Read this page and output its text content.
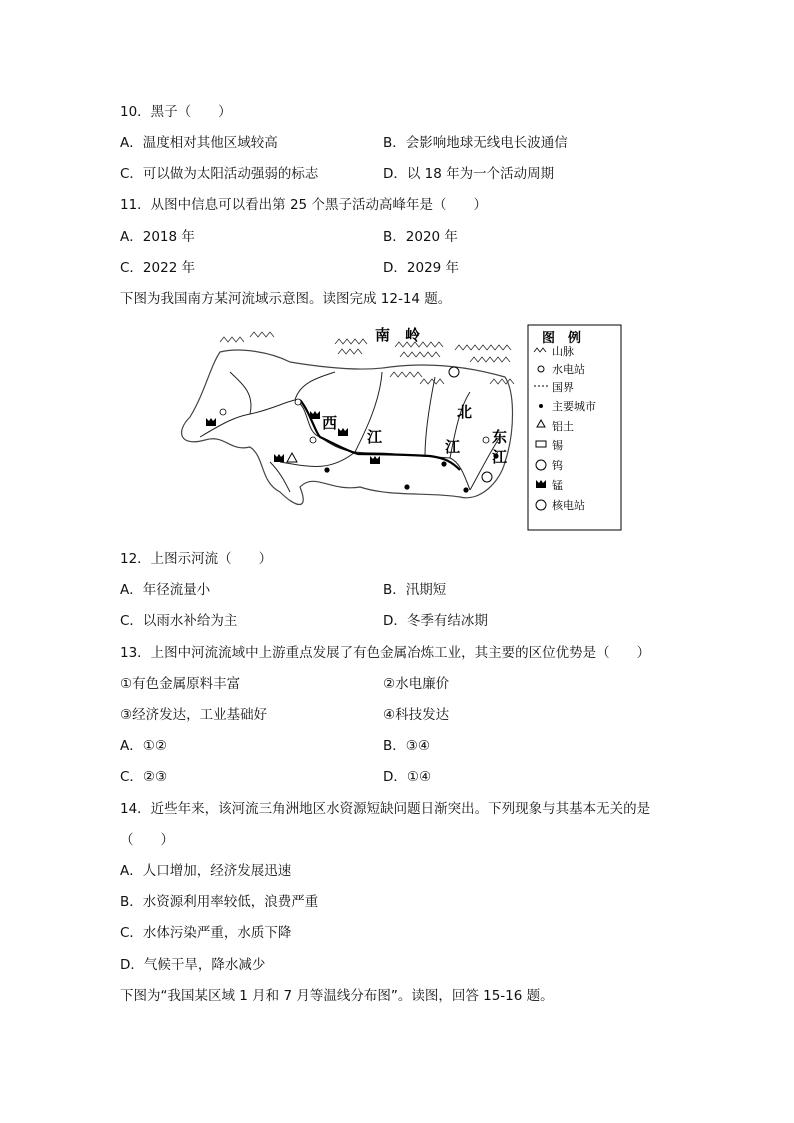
10．黑子（　　）
A．温度相对其他区域较高	B．会影响地球无线电长波通信
C．可以做为太阳活动强弱的标志	D．以 18 年为一个活动周期
11．从图中信息可以看出第 25 个黑子活动高峰年是（　　）
A．2018 年	B．2020 年
C．2022 年	D．2029 年
下图为我国南方某河流域示意图。读图完成 12-14 题。
南　岭
西
江
北
江
东
江
图　例
山脉
水电站
国界
主要城市
铝土
锡
钨
锰
核电站
12．上图示河流（　　）
A．年径流量小	B．汛期短
C．以雨水补给为主	D．冬季有结冰期
13．上图中河流流域中上游重点发展了有色金属冶炼工业，其主要的区位优势是（　　）
①有色金属原料丰富	②水电廉价
③经济发达，工业基础好	④科技发达
A．①②	B．③④
C．②③	D．①④
14．近些年来，该河流三角洲地区水资源短缺问题日渐突出。下列现象与其基本无关的是
（　　）
A．人口增加，经济发展迅速
B．水资源利用率较低，浪费严重
C．水体污染严重，水质下降
D．气候干旱，降水减少
下图为“我国某区域 1 月和 7 月等温线分布图”。读图，回答 15-16 题。
